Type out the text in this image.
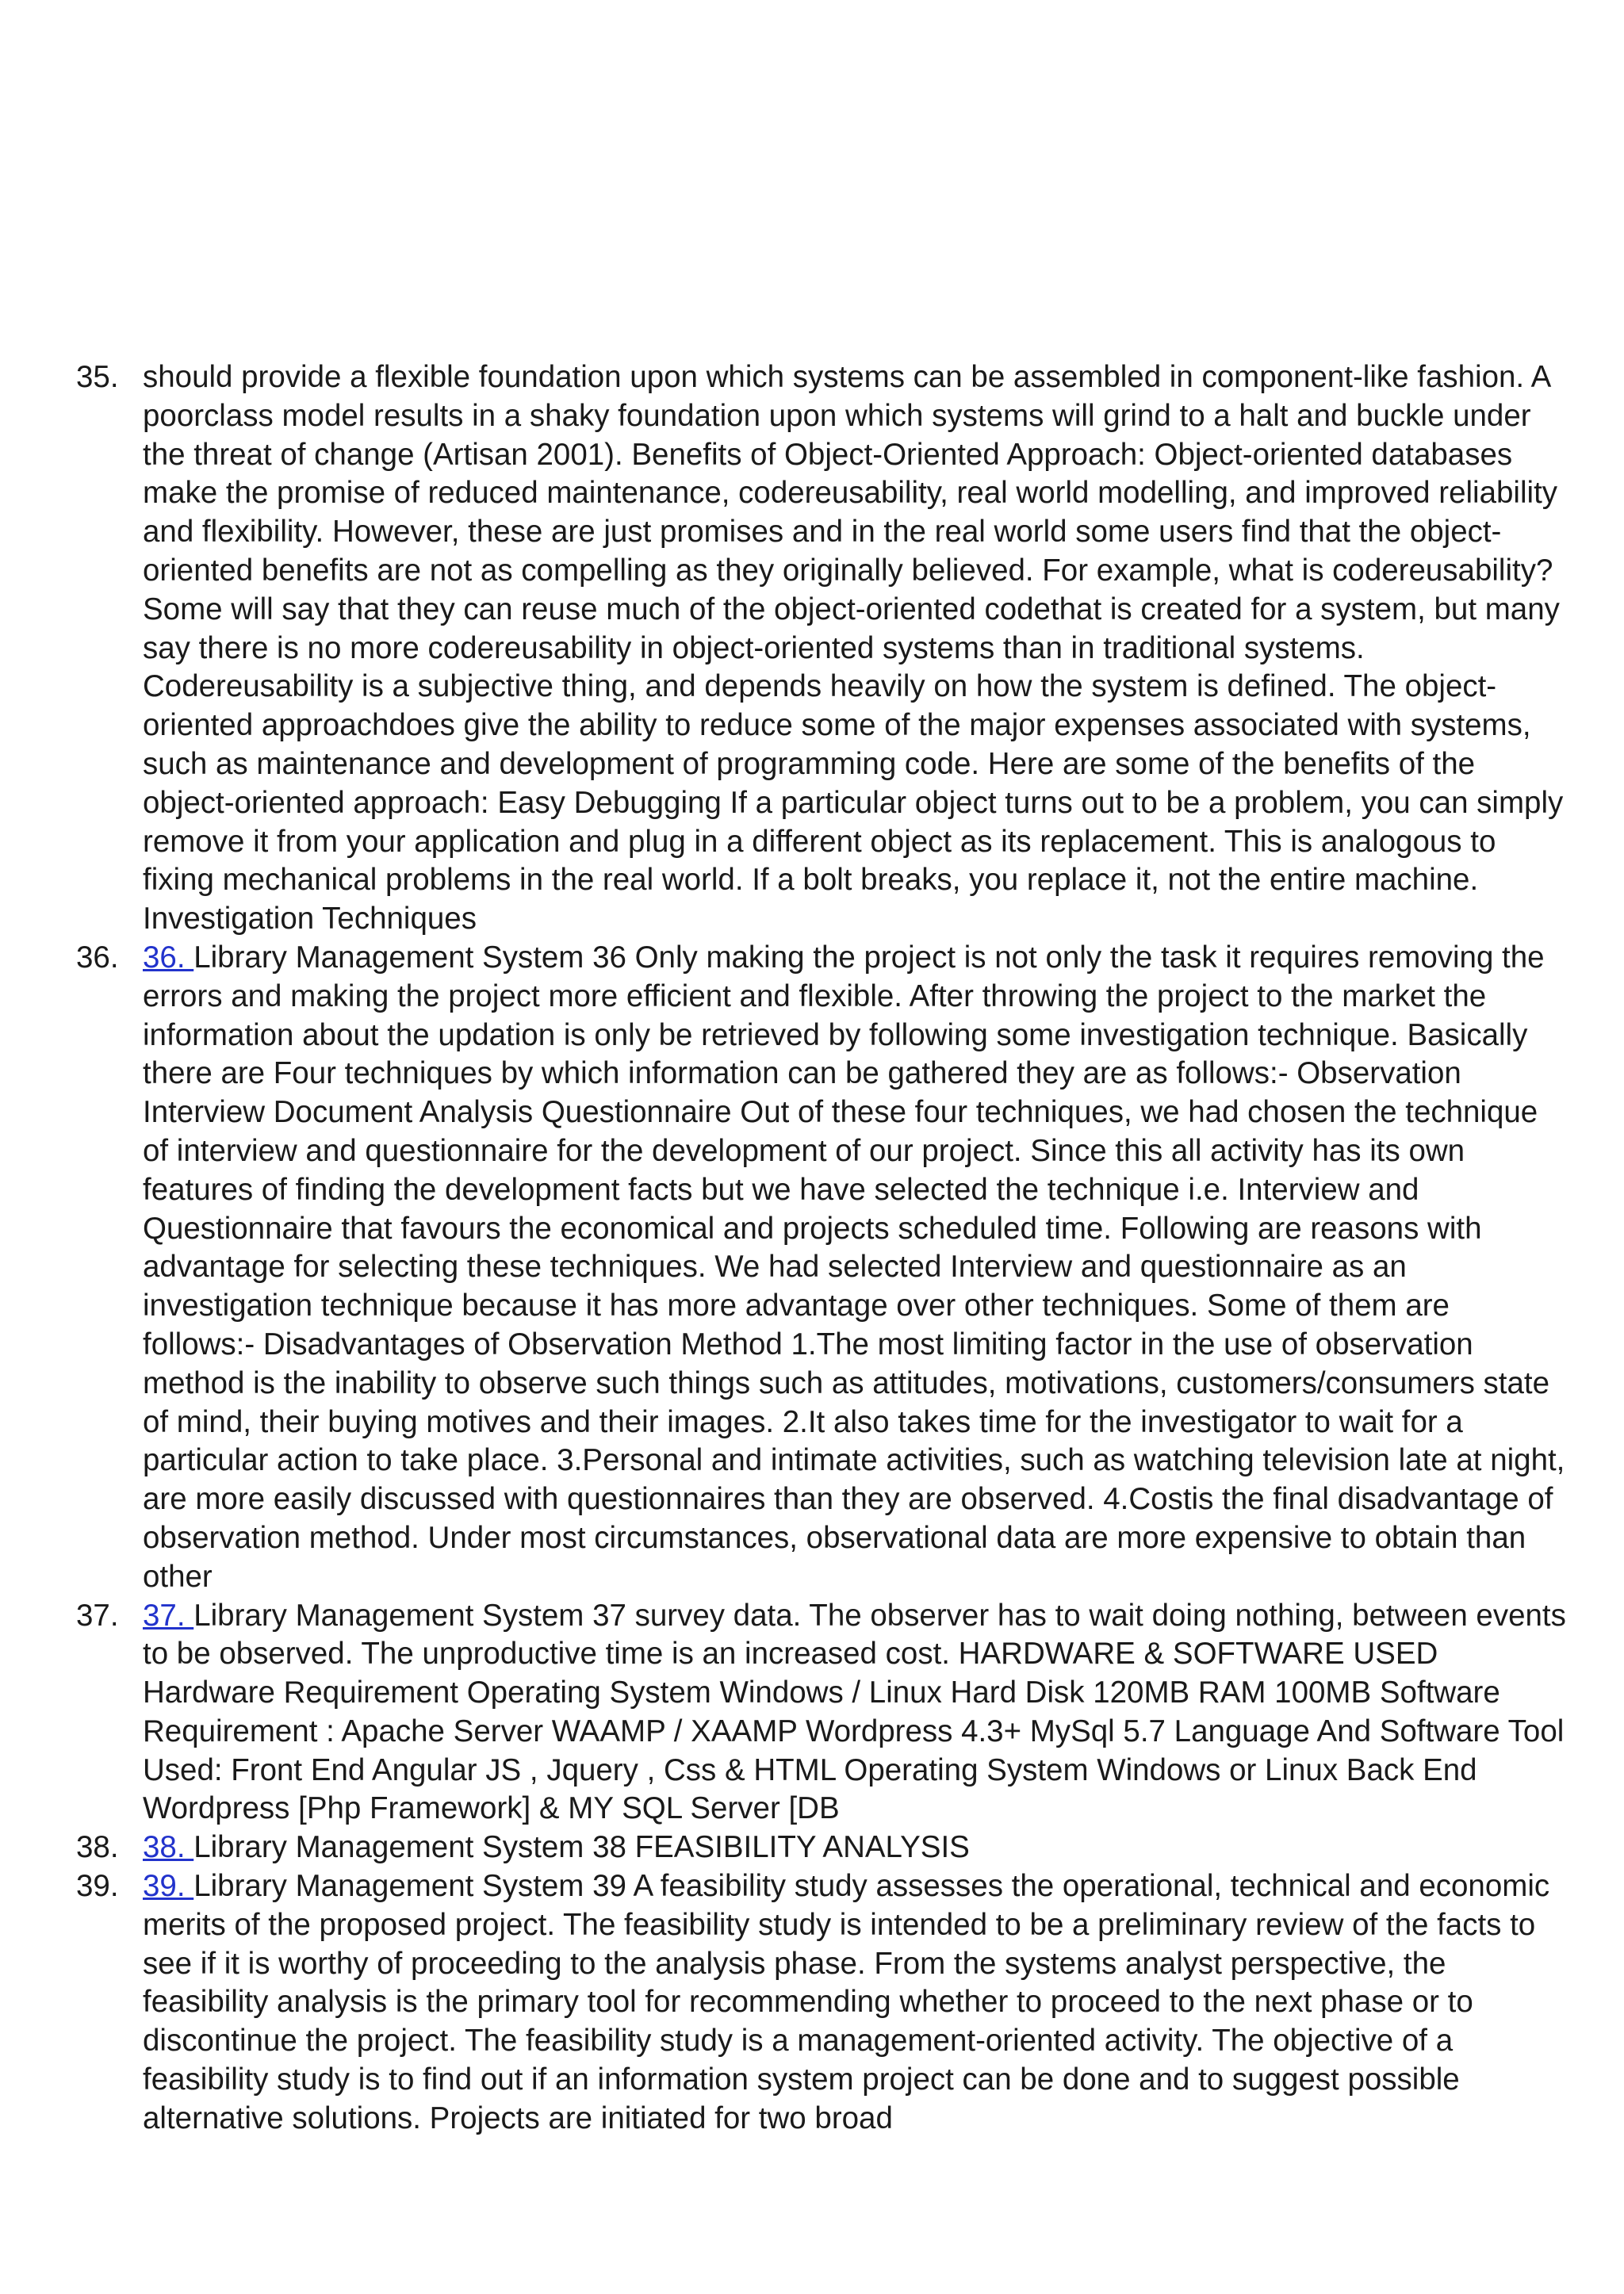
35. should provide a flexible foundation upon which systems can be assembled in component-like fashion. A poorclass model results in a shaky foundation upon which systems will grind to a halt and buckle under the threat of change (Artisan 2001). Benefits of Object-Oriented Approach: Object-oriented databases make the promise of reduced maintenance, codereusability, real world modelling, and improved reliability and flexibility. However, these are just promises and in the real world some users find that the object-oriented benefits are not as compelling as they originally believed. For example, what is codereusability? Some will say that they can reuse much of the object-oriented codethat is created for a system, but many say there is no more codereusability in object-oriented systems than in traditional systems. Codereusability is a subjective thing, and depends heavily on how the system is defined. The object-oriented approachdoes give the ability to reduce some of the major expenses associated with systems, such as maintenance and development of programming code. Here are some of the benefits of the object-oriented approach: Easy Debugging If a particular object turns out to be a problem, you can simply remove it from your application and plug in a different object as its replacement. This is analogous to fixing mechanical problems in the real world. If a bolt breaks, you replace it, not the entire machine. Investigation Techniques
36. 36. Library Management System 36 Only making the project is not only the task it requires removing the errors and making the project more efficient and flexible. After throwing the project to the market the information about the updation is only be retrieved by following some investigation technique. Basically there are Four techniques by which information can be gathered they are as follows:- Observation Interview Document Analysis Questionnaire Out of these four techniques, we had chosen the technique of interview and questionnaire for the development of our project. Since this all activity has its own features of finding the development facts but we have selected the technique i.e. Interview and Questionnaire that favours the economical and projects scheduled time. Following are reasons with advantage for selecting these techniques. We had selected Interview and questionnaire as an investigation technique because it has more advantage over other techniques. Some of them are follows:- Disadvantages of Observation Method 1.The most limiting factor in the use of observation method is the inability to observe such things such as attitudes, motivations, customers/consumers state of mind, their buying motives and their images. 2.It also takes time for the investigator to wait for a particular action to take place. 3.Personal and intimate activities, such as watching television late at night, are more easily discussed with questionnaires than they are observed. 4.Costis the final disadvantage of observation method. Under most circumstances, observational data are more expensive to obtain than other
37. 37. Library Management System 37 survey data. The observer has to wait doing nothing, between events to be observed. The unproductive time is an increased cost. HARDWARE & SOFTWARE USED Hardware Requirement Operating System Windows / Linux Hard Disk 120MB RAM 100MB Software Requirement : Apache Server WAAMP / XAAMP Wordpress 4.3+ MySql 5.7 Language And Software Tool Used: Front End Angular JS , Jquery , Css & HTML Operating System Windows or Linux Back End Wordpress [Php Framework] & MY SQL Server [DB
38. 38. Library Management System 38 FEASIBILITY ANALYSIS
39. 39. Library Management System 39 A feasibility study assesses the operational, technical and economic merits of the proposed project. The feasibility study is intended to be a preliminary review of the facts to see if it is worthy of proceeding to the analysis phase. From the systems analyst perspective, the feasibility analysis is the primary tool for recommending whether to proceed to the next phase or to discontinue the project. The feasibility study is a management-oriented activity. The objective of a feasibility study is to find out if an information system project can be done and to suggest possible alternative solutions. Projects are initiated for two broad
